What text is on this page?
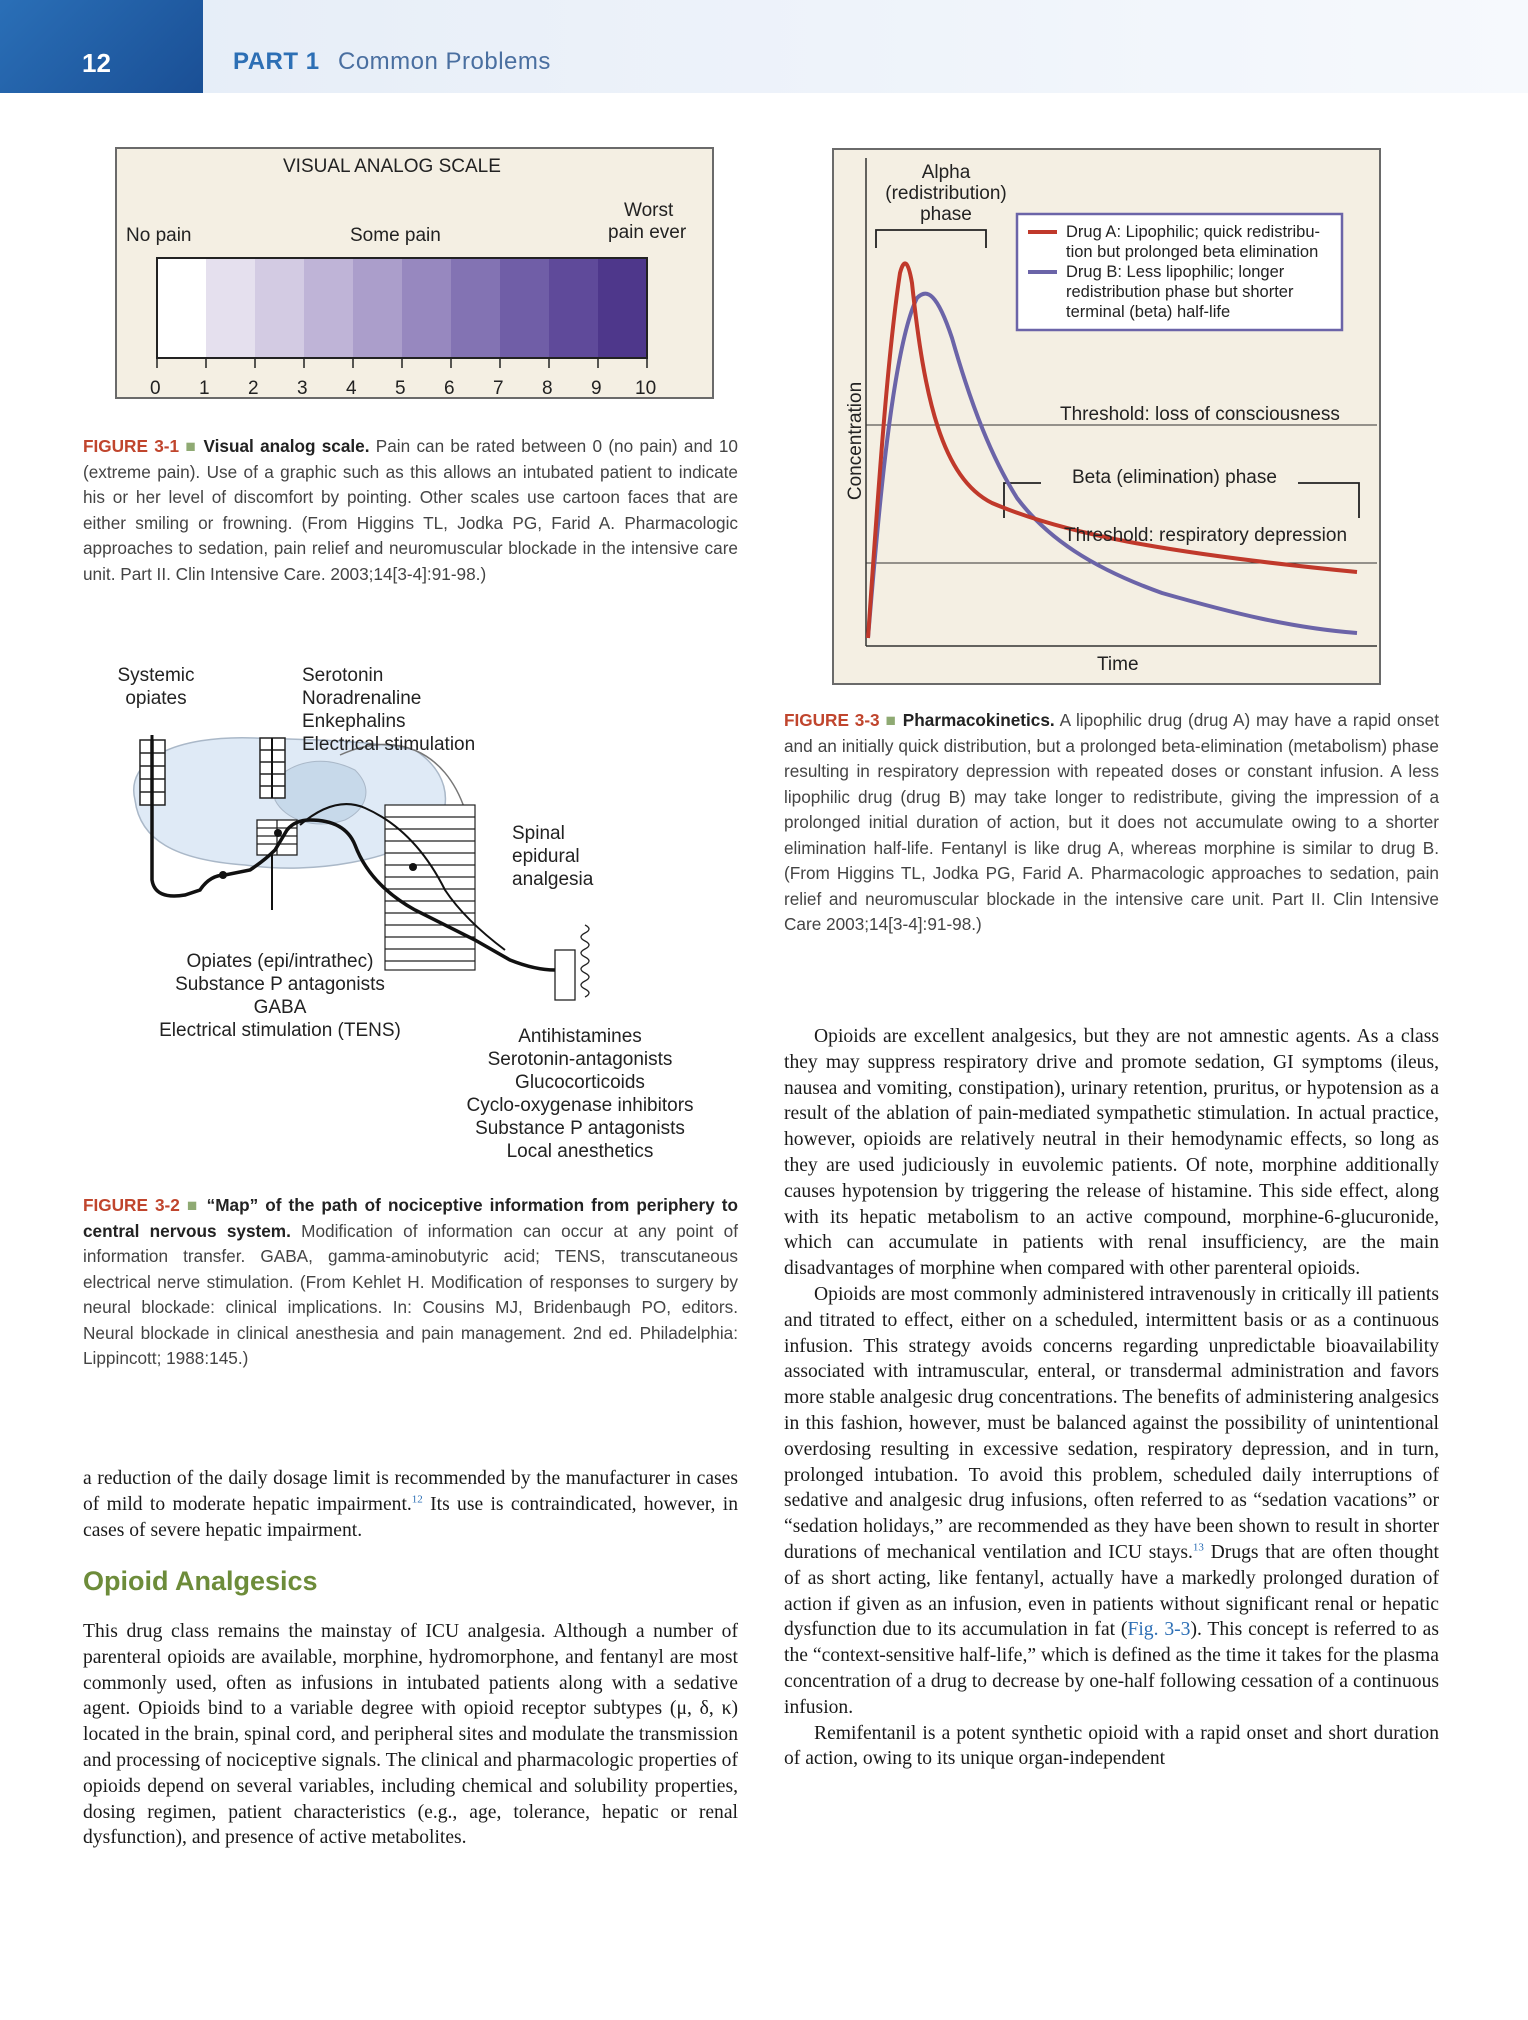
12	PART 1 Common Problems
VISUAL ANALOG SCALE
No pain	Some pain
Worst
pain ever
0 1 2 3 4 5 6 7 8 9 10
FIGURE 3-1 ■ Visual analog scale. Pain can be rated between 0 (no pain) and 10 (extreme pain). Use of a graphic such as this allows an intubated patient to indicate his or her level of discomfort by pointing. Other scales use cartoon faces that are either smiling or frowning. (From Higgins TL, Jodka PG, Farid A. Pharmacologic approaches to sedation, pain relief and neuromuscular blockade in the intensive care unit. Part II. Clin Intensive Care. 2003;14[3-4]:91-98.)
Systemic
opiates
Serotonin
Noradrenaline
Enkephalins
Electrical stimulation
Spinal
epidural
analgesia
Opiates (epi/intrathec)
Substance P antagonists
GABA
Electrical stimulation (TENS)	Antihistamines
Serotonin-antagonists
Glucocorticoids
Cyclo-oxygenase inhibitors
Substance P antagonists
Local anesthetics
FIGURE 3-2 ■ “Map” of the path of nociceptive information from periphery to central nervous system. Modification of information can occur at any point of information transfer. GABA, gamma-aminobutyric acid; TENS, transcutaneous electrical nerve stimulation. (From Kehlet H. Modification of responses to surgery by neural blockade: clinical implications. In: Cousins MJ, Bridenbaugh PO, editors. Neural blockade in clinical anesthesia and pain management. 2nd ed. Philadelphia: Lippincott; 1988:145.)
Alpha
(redistribution)
phase
Drug A: Lipophilic; quick redistribu-
tion but prolonged beta elimination
Drug B: Less lipophilic; longer
redistribution phase but shorter
terminal (beta) half-life
Threshold: loss of consciousness
Beta (elimination) phase
Threshold: respiratory depression
Concentration
Time
FIGURE 3-3 ■ Pharmacokinetics. A lipophilic drug (drug A) may have a rapid onset and an initially quick distribution, but a prolonged beta-elimination (metabolism) phase resulting in respiratory depression with repeated doses or constant infusion. A less lipophilic drug (drug B) may take longer to redistribute, giving the impression of a prolonged initial duration of action, but it does not accumulate owing to a shorter elimination half-life. Fentanyl is like drug A, whereas morphine is similar to drug B. (From Higgins TL, Jodka PG, Farid A. Pharmacologic approaches to sedation, pain relief and neuromuscular blockade in the intensive care unit. Part II. Clin Intensive Care 2003;14[3-4]:91-98.)

a reduction of the daily dosage limit is recommended by the manufacturer in cases of mild to moderate hepatic impairment.$^{12}$ Its use is contraindicated, however, in cases of severe hepatic impairment.

Opioid Analgesics

This drug class remains the mainstay of ICU analgesia. Although a number of parenteral opioids are available, morphine, hydromorphone, and fentanyl are most commonly used, often as infusions in intubated patients along with a sedative agent. Opioids bind to a variable degree with opioid receptor subtypes (μ, δ, κ) located in the brain, spinal cord, and peripheral sites and modulate the transmission and processing of nociceptive signals. The clinical and pharmacologic properties of opioids depend on several variables, including chemical and solubility properties, dosing regimen, patient characteristics (e.g., age, tolerance, hepatic or renal dysfunction), and presence of active metabolites.

Opioids are excellent analgesics, but they are not amnestic agents. As a class they may suppress respiratory drive and promote sedation, GI symptoms (ileus, nausea and vomiting, constipation), urinary retention, pruritus, or hypotension as a result of the ablation of pain-mediated sympathetic stimulation. In actual practice, however, opioids are relatively neutral in their hemodynamic effects, so long as they are used judiciously in euvolemic patients. Of note, morphine additionally causes hypotension by triggering the release of histamine. This side effect, along with its hepatic metabolism to an active compound, morphine-6-glucuronide, which can accumulate in patients with renal insufficiency, are the main disadvantages of morphine when compared with other parenteral opioids.

Opioids are most commonly administered intravenously in critically ill patients and titrated to effect, either on a scheduled, intermittent basis or as a continuous infusion. This strategy avoids concerns regarding unpredictable bioavailability associated with intramuscular, enteral, or transdermal administration and favors more stable analgesic drug concentrations. The benefits of administering analgesics in this fashion, however, must be balanced against the possibility of unintentional overdosing resulting in excessive sedation, respiratory depression, and in turn, prolonged intubation. To avoid this problem, scheduled daily interruptions of sedative and analgesic drug infusions, often referred to as “sedation vacations” or “sedation holidays,” are recommended as they have been shown to result in shorter durations of mechanical ventilation and ICU stays.$^{13}$ Drugs that are often thought of as short acting, like fentanyl, actually have a markedly prolonged duration of action if given as an infusion, even in patients without significant renal or hepatic dysfunction due to its accumulation in fat (Fig. 3-3). This concept is referred to as the “context-sensitive half-life,” which is defined as the time it takes for the plasma concentration of a drug to decrease by one-half following cessation of a continuous infusion.

Remifentanil is a potent synthetic opioid with a rapid onset and short duration of action, owing to its unique organ-independent
